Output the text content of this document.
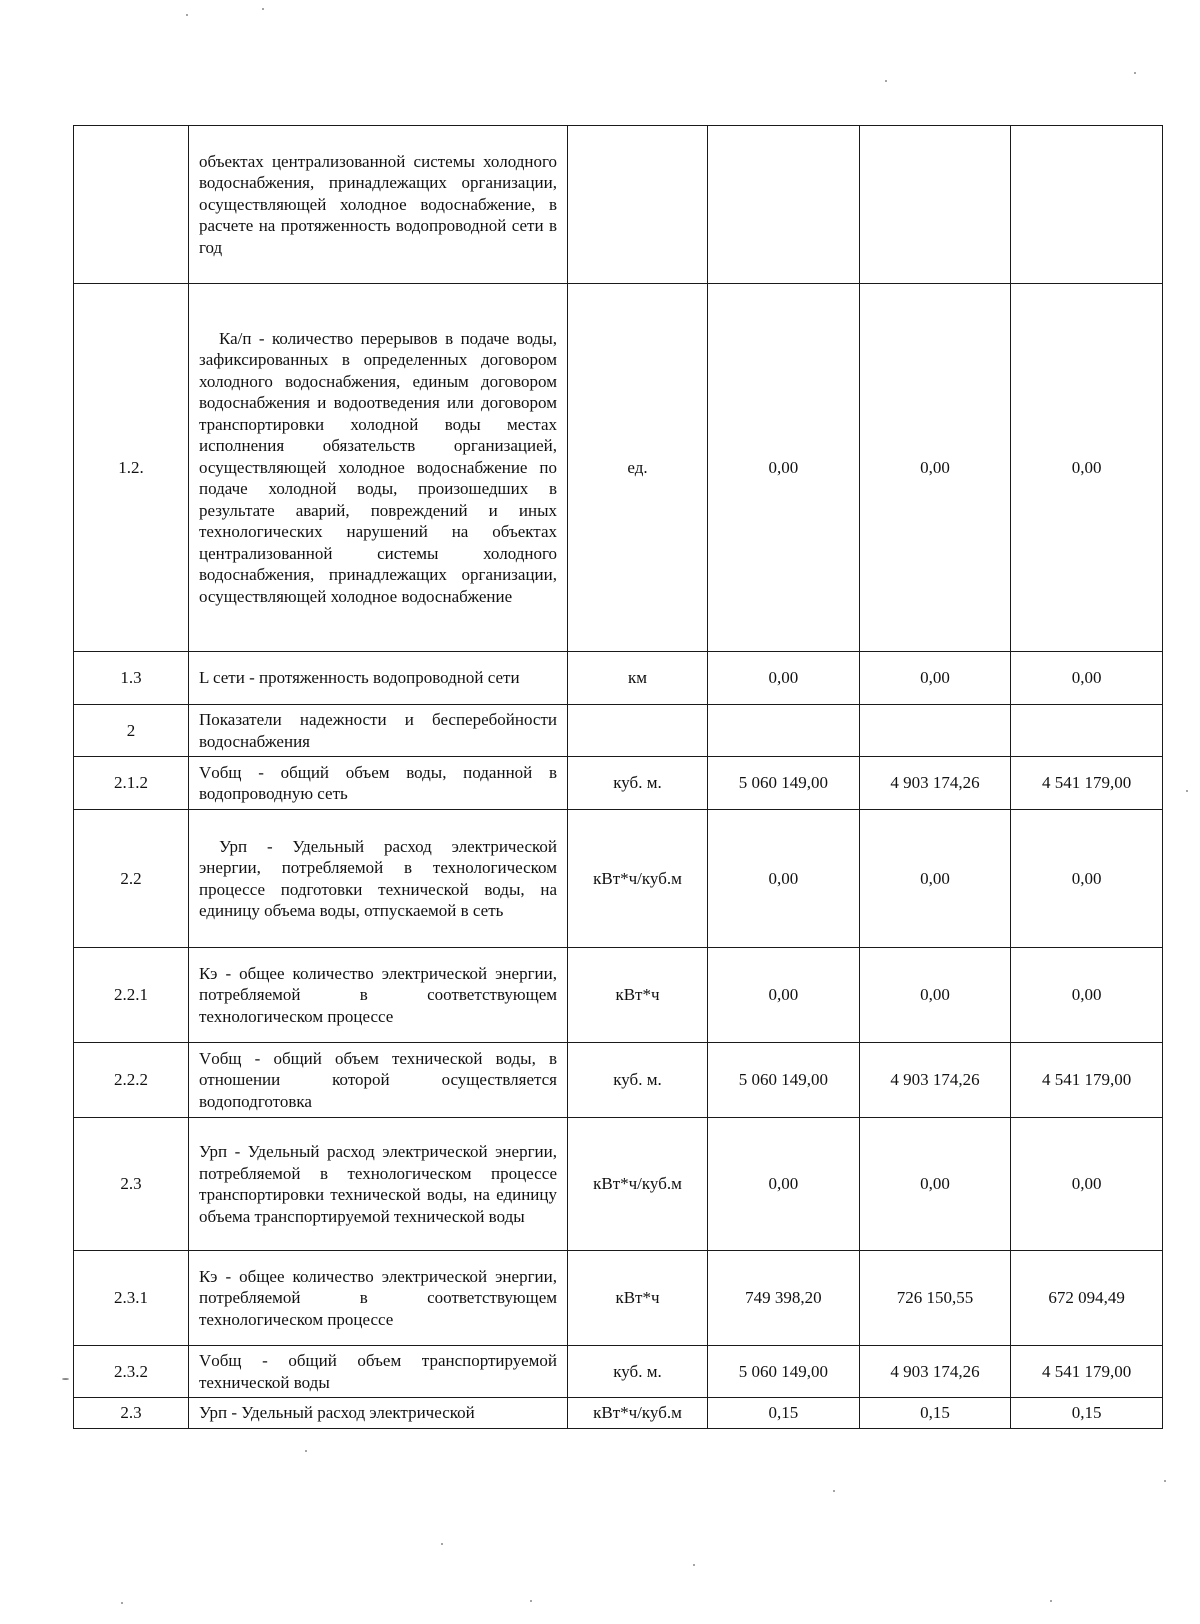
	объектах централизованной системы холодного водоснабжения, принадлежащих организации, осуществляющей холодное водоснабжение, в расчете на протяженность водопроводной сети в год				
1.2.	Ка/п - количество перерывов в подаче воды, зафиксированных в определенных договором холодного водоснабжения, единым договором водоснабжения и водоотведения или договором транспортировки холодной воды местах исполнения обязательств организацией, осуществляющей холодное водоснабжение по подаче холодной воды, произошедших в результате аварий, повреждений и иных технологических нарушений на объектах централизованной системы холодного водоснабжения, принадлежащих организации, осуществляющей холодное водоснабжение	ед.	0,00	0,00	0,00
1.3	L сети - протяженность водопроводной сети	км	0,00	0,00	0,00
2	Показатели надежности и бесперебойности водоснабжения				
2.1.2	Vобщ - общий объем воды, поданной в водопроводную сеть	куб. м.	5 060 149,00	4 903 174,26	4 541 179,00
2.2	Урп - Удельный расход электрической энергии, потребляемой в технологическом процессе подготовки технической воды, на единицу объема воды, отпускаемой в сеть	кВт*ч/куб.м	0,00	0,00	0,00
2.2.1	Кэ - общее количество электрической энергии, потребляемой в соответствующем технологическом процессе	кВт*ч	0,00	0,00	0,00
2.2.2	Vобщ - общий объем технической воды, в отношении которой осуществляется водоподготовка	куб. м.	5 060 149,00	4 903 174,26	4 541 179,00
2.3	Урп - Удельный расход электрической энергии, потребляемой в технологическом процессе транспортировки технической воды, на единицу объема транспортируемой технической воды	кВт*ч/куб.м	0,00	0,00	0,00
2.3.1	Кэ - общее количество электрической энергии, потребляемой в соответствующем технологическом процессе	кВт*ч	749 398,20	726 150,55	672 094,49
2.3.2	Vобщ - общий объем транспортируемой технической воды	куб. м.	5 060 149,00	4 903 174,26	4 541 179,00
2.3	Урп - Удельный расход электрической	кВт*ч/куб.м	0,15	0,15	0,15
